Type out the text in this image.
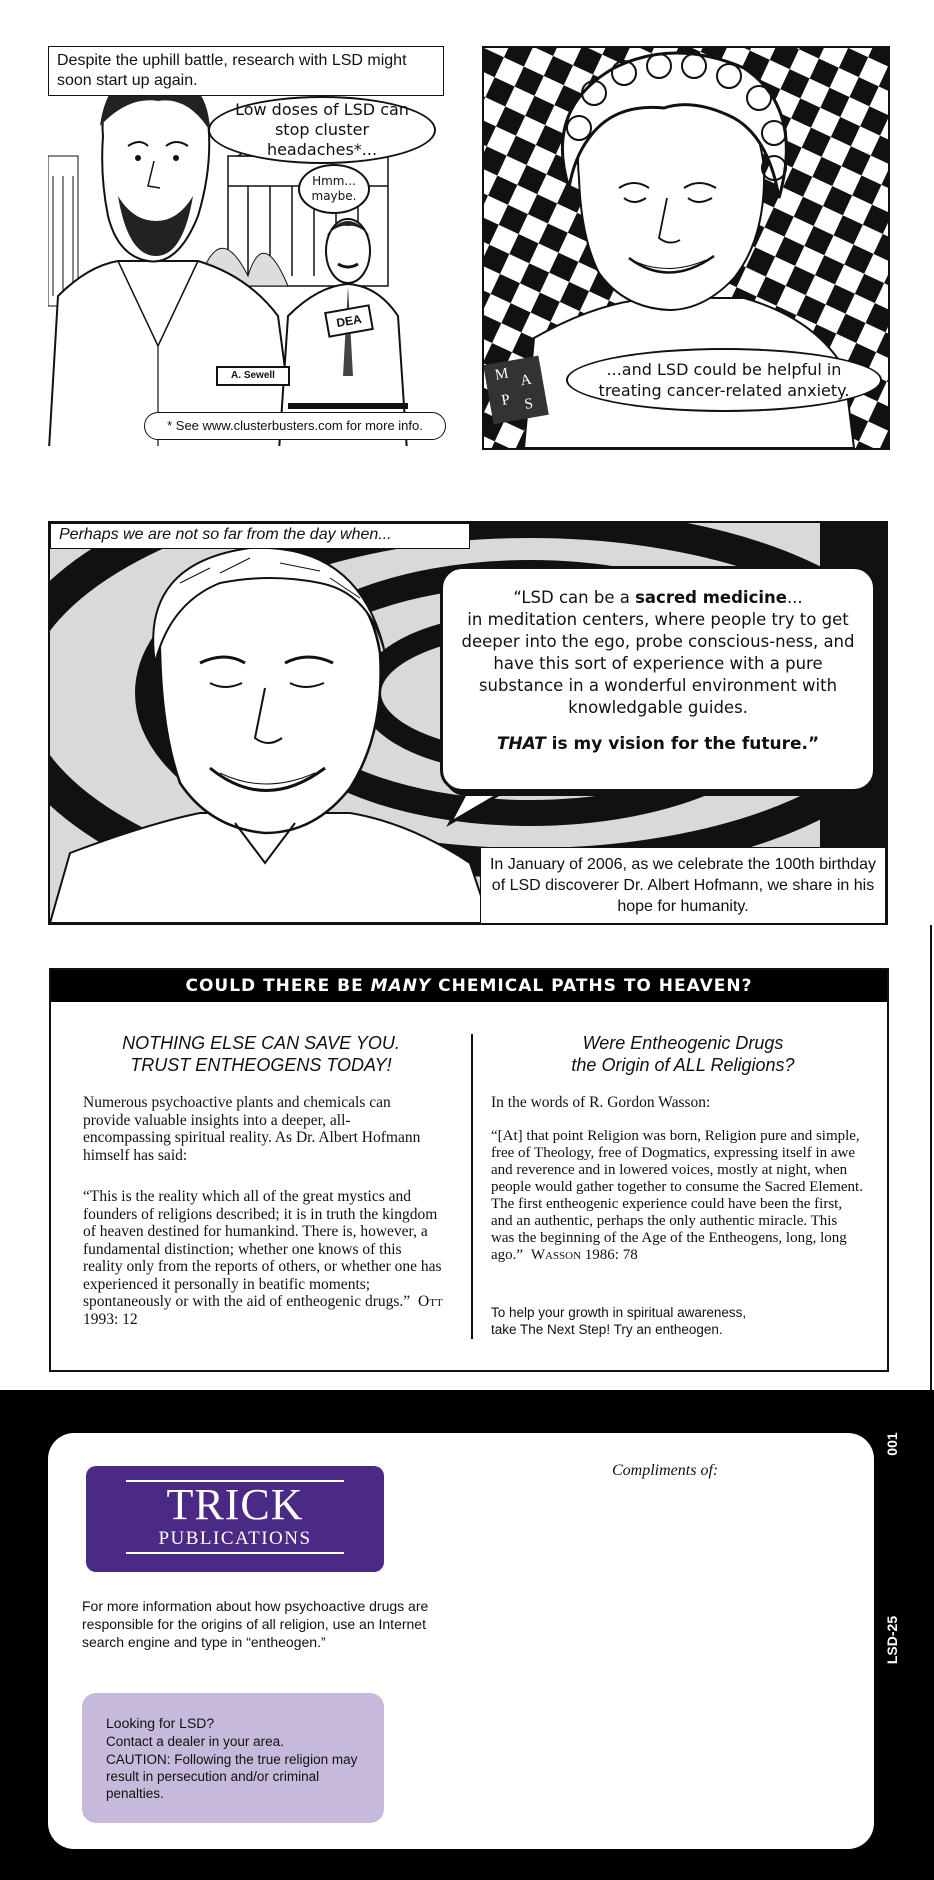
Despite the uphill battle, research with LSD might soon start up again.
Low doses of LSD can stop cluster headaches*...
Hmm... maybe.
DEA
A. Sewell
* See www.clusterbusters.com for more info.
M A
P S
...and LSD could be helpful in treating cancer-related anxiety.
Perhaps we are not so far from the day when...
In January of 2006, as we celebrate the 100th birthday of LSD discoverer Dr. Albert Hofmann, we share in his hope for humanity.

“LSD can be a sacred medicine...
in meditation centers, where people try to get deeper into the ego, probe conscious-ness, and have this sort of experience with a pure substance in a wonderful environment with knowledgable guides.

THAT is my vision for the future.”

COULD THERE BE
MANY
CHEMICAL PATHS TO HEAVEN?
NOTHING ELSE CAN SAVE YOU.
TRUST ENTHEOGENS TODAY!
Numerous psychoactive plants and chemicals can provide valuable insights into a deeper, all-encompassing spiritual reality. As Dr. Albert Hofmann himself has said:
“This is the reality which all of the great mystics and founders of religions described; it is in truth the kingdom of heaven destined for humankind. There is, however, a fundamental distinction; whether one knows of this reality only from the reports of others, or whether one has experienced it personally in beatific moments; spontaneously or with the aid of entheogenic drugs.” Ott 1993: 12
Were Entheogenic Drugs
the Origin of ALL Religions?
In the words of R. Gordon Wasson:
“[At] that point Religion was born, Religion pure and simple, free of Theology, free of Dogmatics, expressing itself in awe and reverence and in lowered voices, mostly at night, when people would gather together to consume the Sacred Element. The first entheogenic experience could have been the first, and an authentic, perhaps the only authentic miracle. This was the beginning of the Age of the Entheogens, long, long ago.” Wasson 1986: 78
To help your growth in spiritual awareness,
take The Next Step! Try an entheogen.
TRICK
PUBLICATIONS
Compliments of:
For more information about how psychoactive drugs are responsible for the origins of all religion, use an Internet search engine and type in “entheogen.”
Looking for LSD?
Contact a dealer in your area.
CAUTION: Following the true religion may result in persecution and/or criminal penalties.
001
LSD-25
